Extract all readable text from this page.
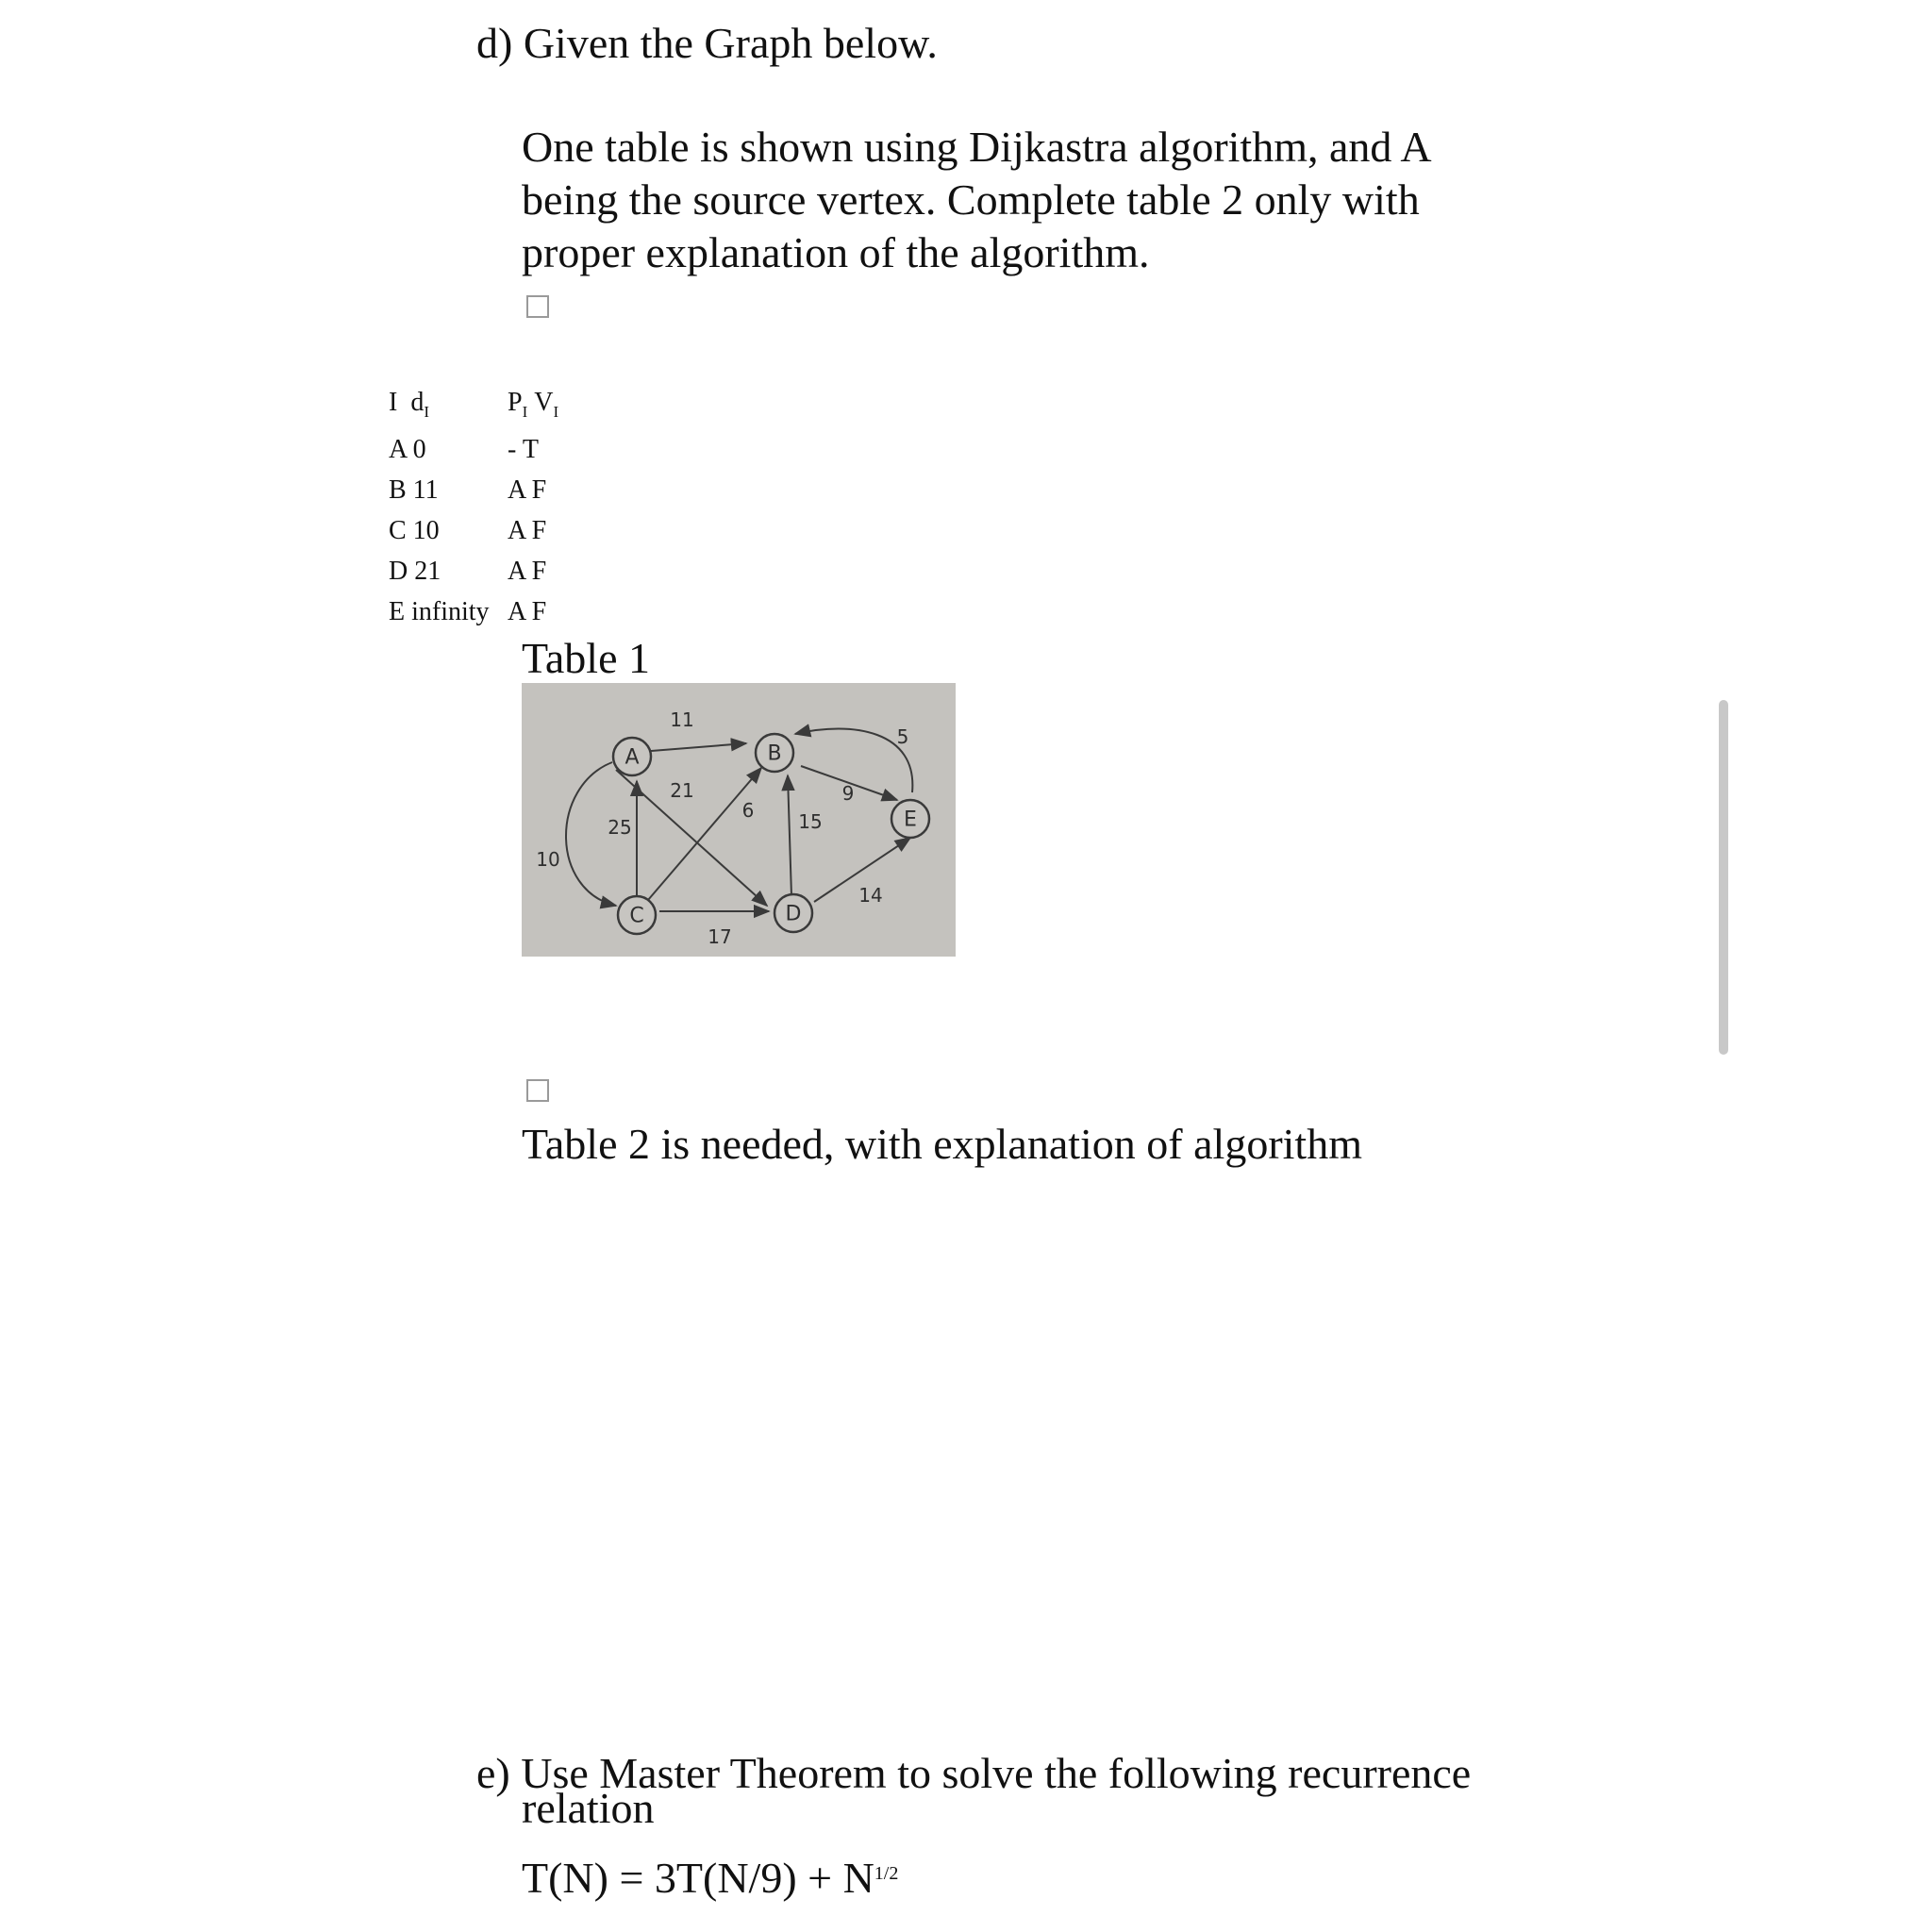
d) Given the Graph below.
One table is shown using Dijkastra algorithm, and A
being the source vertex. Complete table 2 only with
proper explanation of the algorithm.
I $d_I$	$P_I$ $V_I$
A 0	- T
B 11	A F
C 10	A F
D 21	A F
E infinity A F
Table 1
A	B
C	D
E
11
21
6 15
9
5
25
10
17
14
Table 2 is needed, with explanation of algorithm
e) Use Master Theorem to solve the following recurrence
relation
$T(N) = 3T(N/9) + N^{1/2}$
